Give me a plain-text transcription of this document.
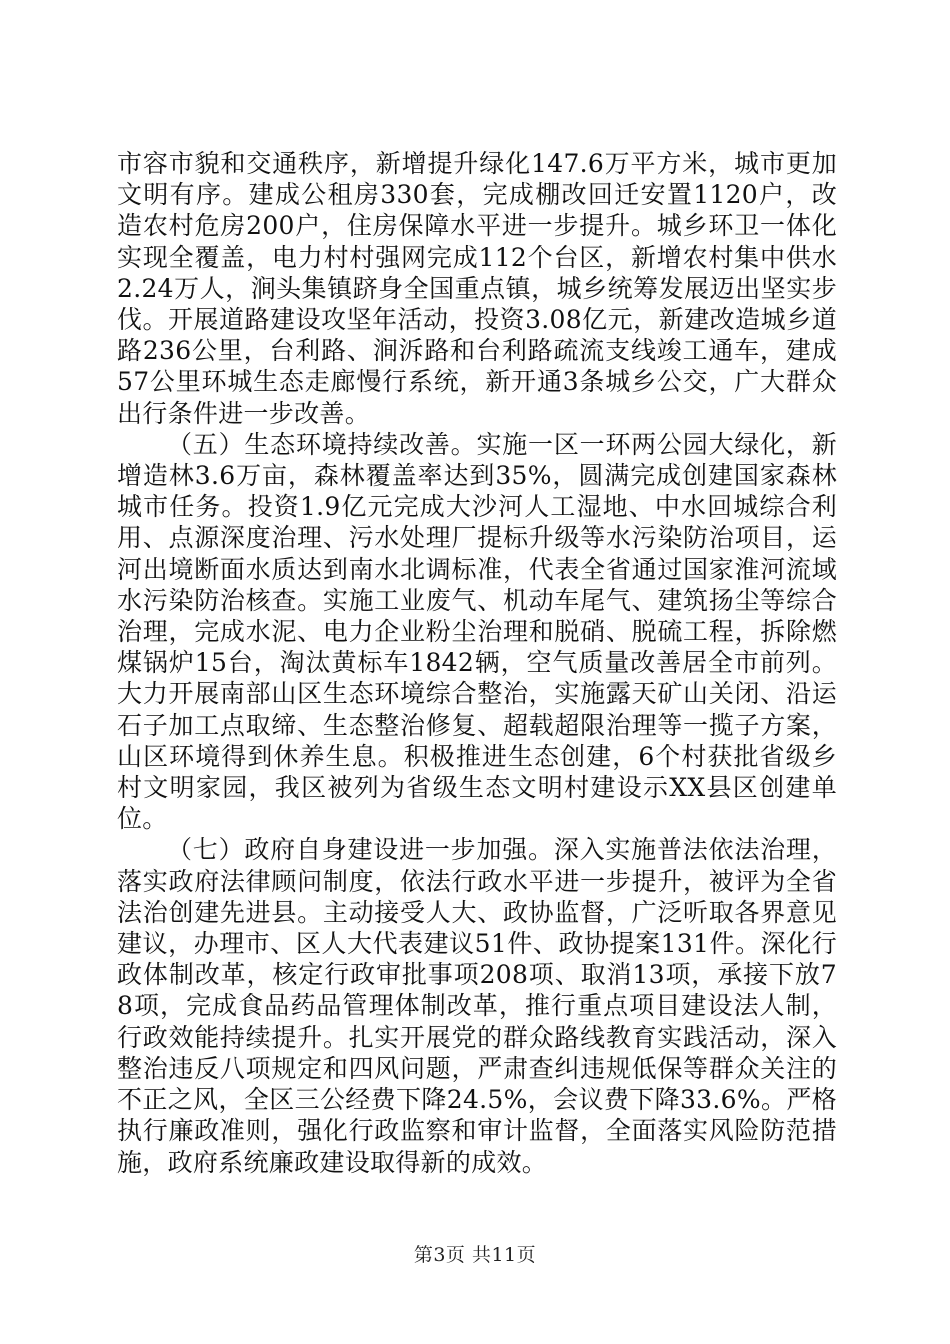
市容市貌和交通秩序，新增提升绿化147.6万平方米，城市更加文明有序。建成公租房330套，完成棚改回迁安置1120户，改造农村危房200户，住房保障水平进一步提升。城乡环卫一体化实现全覆盖，电力村村强网完成112个台区，新增农村集中供水2.24万人，涧头集镇跻身全国重点镇，城乡统筹发展迈出坚实步伐。开展道路建设攻坚年活动，投资3.08亿元，新建改造城乡道路236公里，台利路、涧泝路和台利路疏流支线竣工通车，建成57公里环城生态走廊慢行系统，新开通3条城乡公交，广大群众出行条件进一步改善。

（五）生态环境持续改善。实施一区一环两公园大绿化，新增造林3.6万亩，森林覆盖率达到35%，圆满完成创建国家森林城市任务。投资1.9亿元完成大沙河人工湿地、中水回城综合利用、点源深度治理、污水处理厂提标升级等水污染防治项目，运河出境断面水质达到南水北调标准，代表全省通过国家淮河流域水污染防治核查。实施工业废气、机动车尾气、建筑扬尘等综合治理，完成水泥、电力企业粉尘治理和脱硝、脱硫工程，拆除燃煤锅炉15台，淘汰黄标车1842辆，空气质量改善居全市前列。大力开展南部山区生态环境综合整治，实施露天矿山关闭、沿运石子加工点取缔、生态整治修复、超载超限治理等一揽子方案，山区环境得到休养生息。积极推进生态创建，6个村获批省级乡村文明家园，我区被列为省级生态文明村建设示XX县区创建单位。

（七）政府自身建设进一步加强。深入实施普法依法治理，落实政府法律顾问制度，依法行政水平进一步提升，被评为全省法治创建先进县。主动接受人大、政协监督，广泛听取各界意见建议，办理市、区人大代表建议51件、政协提案131件。深化行政体制改革，核定行政审批事项208项、取消13项，承接下放78项，完成食品药品管理体制改革，推行重点项目建设法人制，行政效能持续提升。扎实开展党的群众路线教育实践活动，深入整治违反八项规定和四风问题，严肃查纠违规低保等群众关注的不正之风，全区三公经费下降24.5%，会议费下降33.6%。严格执行廉政准则，强化行政监察和审计监督，全面落实风险防范措施，政府系统廉政建设取得新的成效。

第3页 共11页
